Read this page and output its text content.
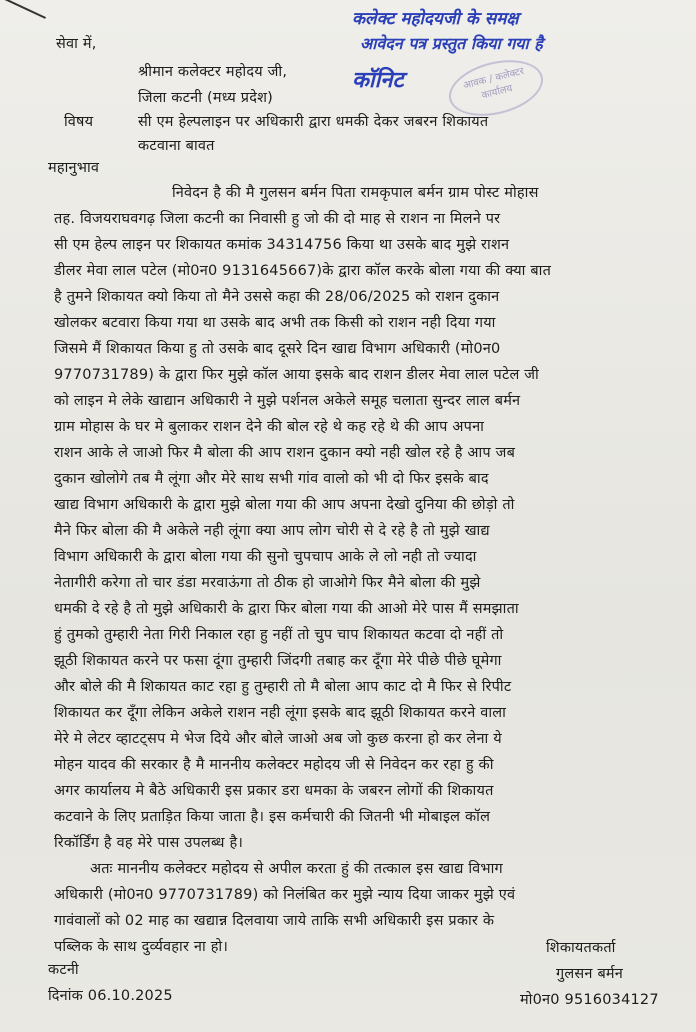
कलेक्ट महोदयजी के समक्ष
आवेदन पत्र प्रस्तुत किया गया है
कॉनिट	आवक / कलेक्टर कार्यालय
सेवा में,
श्रीमान कलेक्टर महोदय जी,
जिला कटनी (मध्य प्रदेश)
विषय	सी एम हेल्पलाइन पर अधिकारी द्वारा धमकी देकर जबरन शिकायत
कटवाना बावत
महानुभाव
निवेदन है की मै गुलसन बर्मन पिता रामकृपाल बर्मन ग्राम पोस्ट मोहास
तह. विजयराघवगढ़ जिला कटनी का निवासी हु जो की दो माह से राशन ना मिलने पर
सी एम हेल्प लाइन पर शिकायत कमांक 34314756 किया था उसके बाद मुझे राशन
डीलर मेवा लाल पटेल (मो0न0 9131645667)के द्वारा कॉल करके बोला गया की क्या बात
है तुमने शिकायत क्यो किया तो मैने उससे कहा की 28/06/2025 को राशन दुकान
खोलकर बटवारा किया गया था उसके बाद अभी तक किसी को राशन नही दिया गया
जिसमे मैं शिकायत किया हु तो उसके बाद दूसरे दिन खाद्य विभाग अधिकारी (मो0न0
9770731789) के द्वारा फिर मुझे कॉल आया इसके बाद राशन डीलर मेवा लाल पटेल जी
को लाइन मे लेके खाद्यान अधिकारी ने मुझे पर्शनल अकेले समूह चलाता सुन्दर लाल बर्मन
ग्राम मोहास के घर मे बुलाकर राशन देने की बोल रहे थे कह रहे थे की आप अपना
राशन आके ले जाओ फिर मै बोला की आप राशन दुकान क्यो नही खोल रहे है आप जब
दुकान खोलोगे तब मै लूंगा और मेरे साथ सभी गांव वालो को भी दो फिर इसके बाद
खाद्य विभाग अधिकारी के द्वारा मुझे बोला गया की आप अपना देखो दुनिया की छोड़ो तो
मैने फिर बोला की मै अकेले नही लूंगा क्या आप लोग चोरी से दे रहे है तो मुझे खाद्य
विभाग अधिकारी के द्वारा बोला गया की सुनो चुपचाप आके ले लो नही तो ज्यादा
नेतागीरी करेगा तो चार डंडा मरवाऊंगा तो ठीक हो जाओगे फिर मैने बोला की मुझे
धमकी दे रहे है तो मुझे अधिकारी के द्वारा फिर बोला गया की आओ मेरे पास मैं समझाता
हुं तुमको तुम्हारी नेता गिरी निकाल रहा हु नहीं तो चुप चाप शिकायत कटवा दो नहीं तो
झूठी शिकायत करने पर फसा दूंगा तुम्हारी जिंदगी तबाह कर दूँगा मेरे पीछे पीछे घूमेगा
और बोले की मै शिकायत काट रहा हु तुम्हारी तो मै बोला आप काट दो मै फिर से रिपीट
शिकायत कर दूँगा लेकिन अकेले राशन नही लूंगा इसके बाद झूठी शिकायत करने वाला
मेरे मे लेटर व्हाटट्सप मे भेज दिये और बोले जाओ अब जो कुछ करना हो कर लेना ये
मोहन यादव की सरकार है मै माननीय कलेक्टर महोदय जी से निवेदन कर रहा हु की
अगर कार्यालय मे बैठे अधिकारी इस प्रकार डरा धमका के जबरन लोगों की शिकायत
कटवाने के लिए प्रताड़ित किया जाता है। इस कर्मचारी की जितनी भी मोबाइल कॉल
रिकॉर्डिंग है वह मेरे पास उपलब्ध है।
अतः माननीय कलेक्टर महोदय से अपील करता हुं की तत्काल इस खाद्य विभाग
अधिकारी (मो0न0 9770731789) को निलंबित कर मुझे न्याय दिया जाकर मुझे एवं
गावंवालों को 02 माह का खद्यान्न दिलवाया जाये ताकि सभी अधिकारी इस प्रकार के
पब्लिक के साथ दुर्व्यवहार ना हो।	शिकायतकर्ता
गुलसन बर्मन
कटनी
दिनांक 06.10.2025	मो0न0 9516034127
